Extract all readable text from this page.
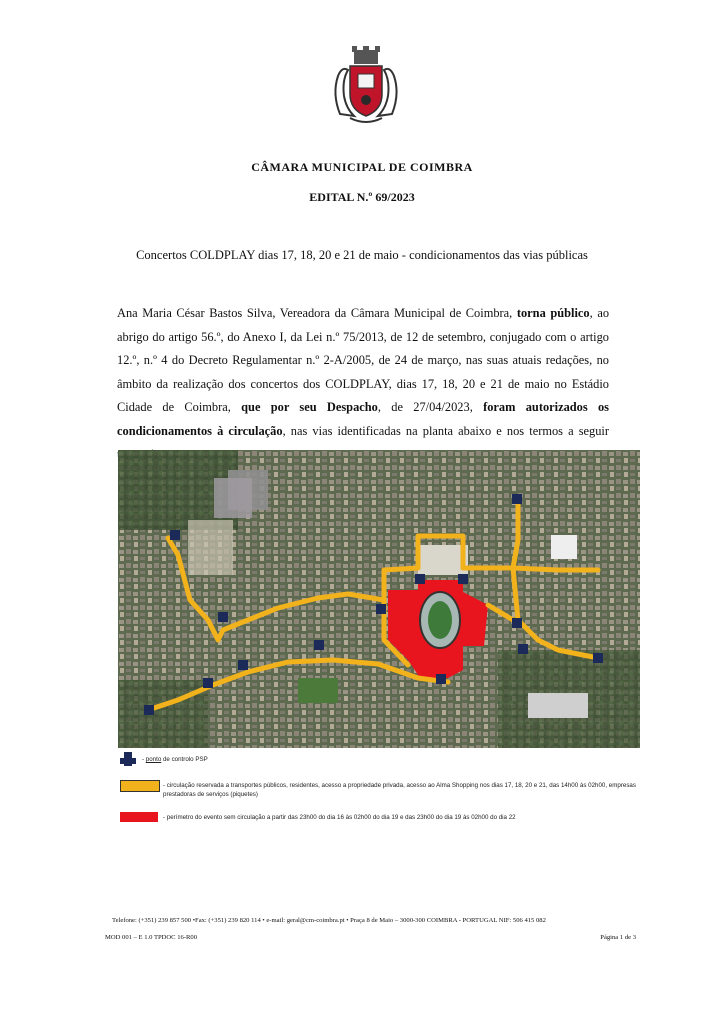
CÂMARA MUNICIPAL DE COIMBRA
EDITAL N.º 69/2023
Concertos COLDPLAY dias 17, 18, 20 e 21 de maio - condicionamentos das vias públicas
Ana Maria César Bastos Silva, Vereadora da Câmara Municipal de Coimbra, torna público, ao abrigo do artigo 56.º, do Anexo I, da Lei n.º 75/2013, de 12 de setembro, conjugado com o artigo 12.º, n.º 4 do Decreto Regulamentar n.º 2-A/2005, de 24 de março, nas suas atuais redações, no âmbito da realização dos concertos dos COLDPLAY, dias 17, 18, 20 e 21 de maio no Estádio Cidade de Coimbra, que por seu Despacho, de 27/04/2023, foram autorizados os condicionamentos à circulação, nas vias identificadas na planta abaixo e nos termos a seguir
- ponto de controlo PSP
- circulação reservada a transportes públicos, residentes, acesso a propriedade privada, acesso ao Alma Shopping nos dias 17, 18, 20 e 21, das 14h00 às 02h00, empresas prestadoras de serviços (piquetes)
- perímetro do evento sem circulação a partir das 23h00 do dia 16 às 02h00 do dia 19 e das 23h00 do dia 19 às 02h00 do dia 22
Telefone: (+351) 239 857 500 •Fax: (+351) 239 820 114 • e-mail: geral@cm-coimbra.pt • Praça 8 de Maio – 3000-300 COIMBRA - PORTUGAL NIF: 506 415 082
MOD 001 – E 1.0 TPDOC 16-R00	Página 1 de 3
